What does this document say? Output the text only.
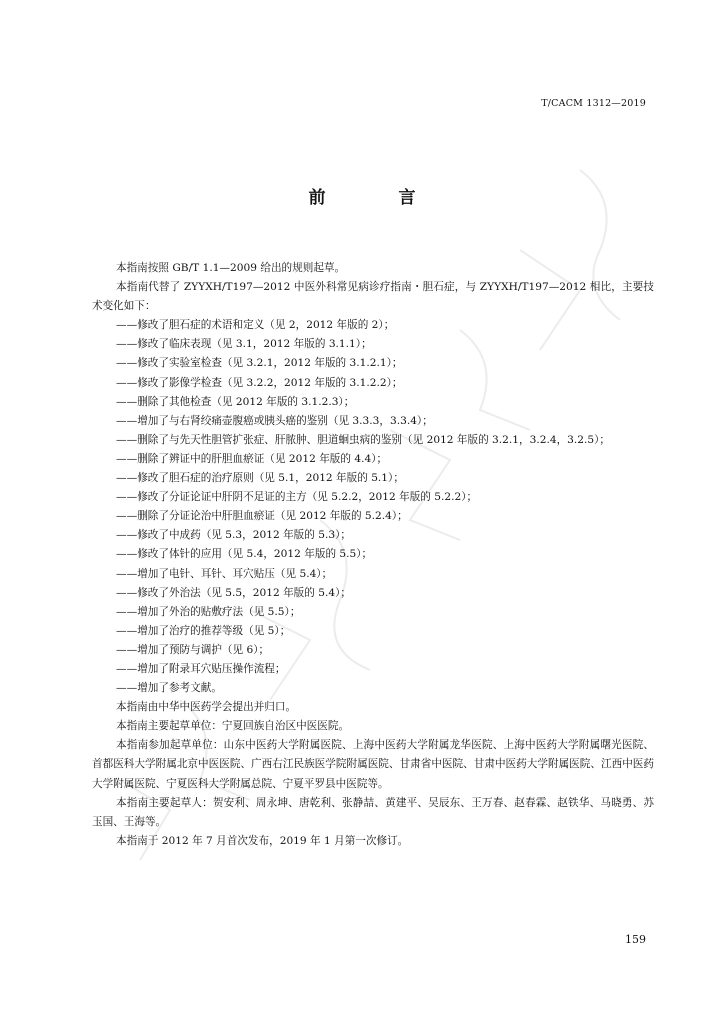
T/CACM 1312—2019
前　言

本指南按照 GB/T 1.1—2009 给出的规则起草。

本指南代替了 ZYYXH/T197—2012 中医外科常见病诊疗指南・胆石症，与 ZYYXH/T197—2012 相比，主要技术变化如下：

——修改了胆石症的术语和定义（见 2，2012 年版的 2）；

——修改了临床表现（见 3.1，2012 年版的 3.1.1）；

——修改了实验室检查（见 3.2.1，2012 年版的 3.1.2.1）；

——修改了影像学检查（见 3.2.2，2012 年版的 3.1.2.2）；

——删除了其他检查（见 2012 年版的 3.1.2.3）；

——增加了与右肾绞痛壶腹癌或胰头癌的鉴别（见 3.3.3，3.3.4）；

——删除了与先天性胆管扩张症、肝脓肿、胆道蛔虫病的鉴别（见 2012 年版的 3.2.1，3.2.4，3.2.5）；

——删除了辨证中的肝胆血瘀证（见 2012 年版的 4.4）；

——修改了胆石症的治疗原则（见 5.1，2012 年版的 5.1）；

——修改了分证论证中肝阴不足证的主方（见 5.2.2，2012 年版的 5.2.2）；

——删除了分证论治中肝胆血瘀证（见 2012 年版的 5.2.4）；

——修改了中成药（见 5.3，2012 年版的 5.3）；

——修改了体针的应用（见 5.4，2012 年版的 5.5）；

——增加了电针、耳针、耳穴贴压（见 5.4）；

——修改了外治法（见 5.5，2012 年版的 5.4）；

——增加了外治的贴敷疗法（见 5.5）；

——增加了治疗的推荐等级（见 5）；

——增加了预防与调护（见 6）；

——增加了附录耳穴贴压操作流程；

——增加了参考文献。

本指南由中华中医药学会提出并归口。

本指南主要起草单位：宁夏回族自治区中医医院。

本指南参加起草单位：山东中医药大学附属医院、上海中医药大学附属龙华医院、上海中医药大学附属曙光医院、首都医科大学附属北京中医医院、广西右江民族医学院附属医院、甘肃省中医院、甘肃中医药大学附属医院、江西中医药大学附属医院、宁夏医科大学附属总院、宁夏平罗县中医院等。

本指南主要起草人：贺安利、周永坤、唐乾利、张静喆、黄建平、吴辰东、王万春、赵春霖、赵铁华、马晓勇、苏玉国、王海等。

本指南于 2012 年 7 月首次发布，2019 年 1 月第一次修订。

159
